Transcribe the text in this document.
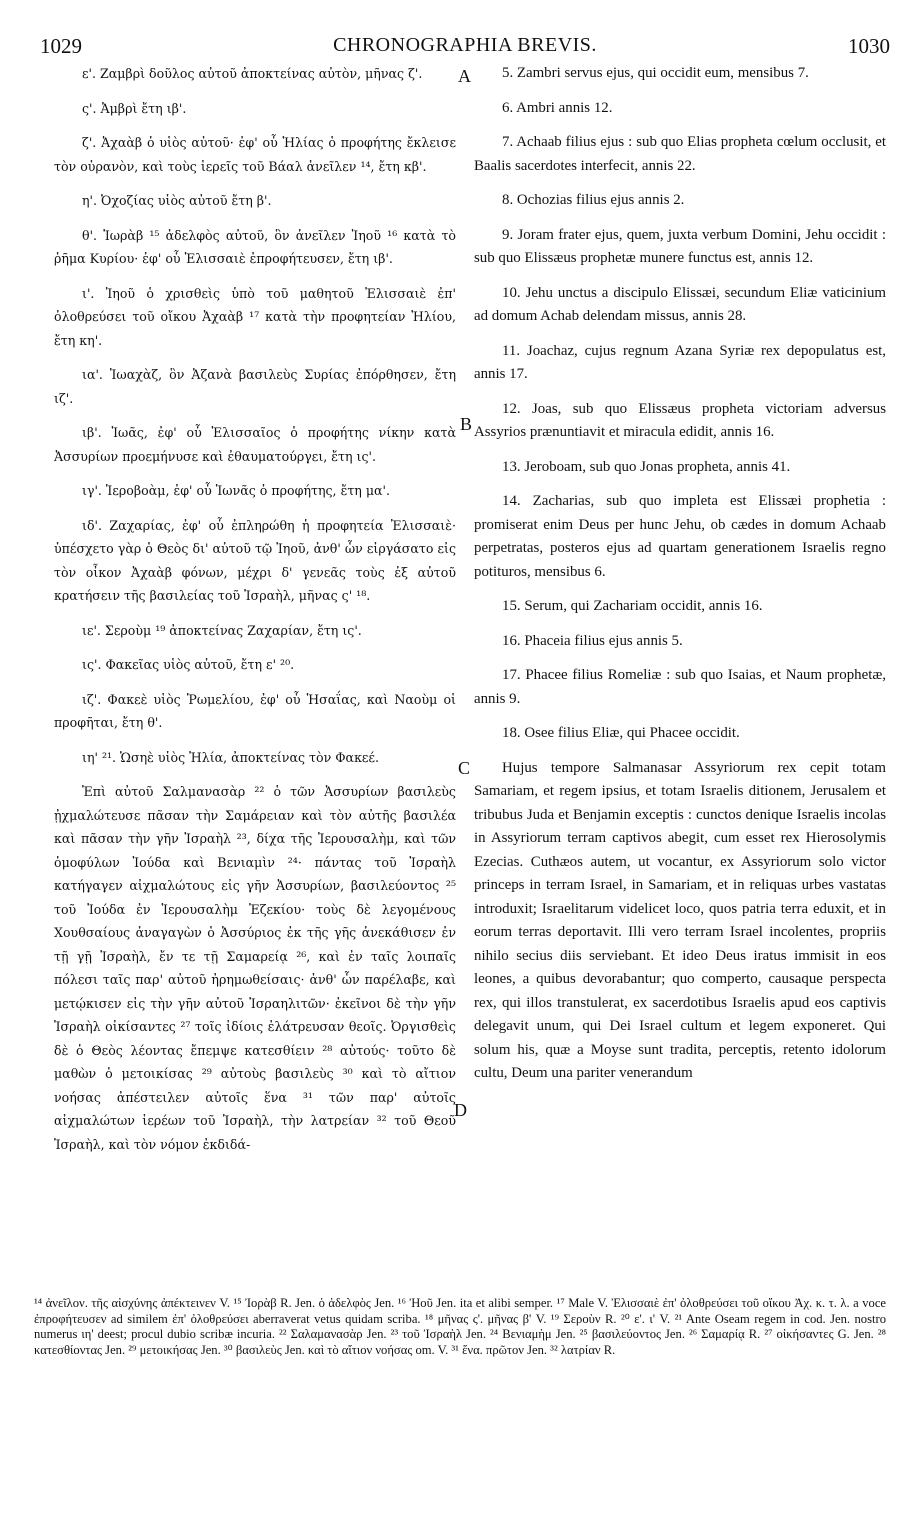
1029	CHRONOGRAPHIA BREVIS.	1030
A
B
C
D

ε'. Ζαμβρὶ δοῦλος αὐτοῦ ἀποκτείνας αὐτὸν, μῆνας ζ'.

ς'. Ἀμβρὶ ἔτη ιβ'.

ζ'. Ἀχαὰβ ὁ υἱὸς αὐτοῦ· ἐφ' οὗ Ἡλίας ὁ προφήτης ἔκλεισε τὸν οὐρανὸν, καὶ τοὺς ἱερεῖς τοῦ Βάαλ ἀνεῖλεν ¹⁴, ἔτη κβ'.

η'. Ὀχοζίας υἱὸς αὐτοῦ ἔτη β'.

θ'. Ἰωρὰβ ¹⁵ ἀδελφὸς αὐτοῦ, ὃν ἀνεῖλεν Ἰηοῦ ¹⁶ κατὰ τὸ ῥῆμα Κυρίου· ἐφ' οὗ Ἐλισσαιὲ ἐπροφήτευσεν, ἔτη ιβ'.

ι'. Ἰηοῦ ὁ χρισθεὶς ὑπὸ τοῦ μαθητοῦ Ἐλισσαιὲ ἐπ' ὀλοθρεύσει τοῦ οἴκου Ἀχαὰβ ¹⁷ κατὰ τὴν προφητείαν Ἡλίου, ἔτη κη'.

ια'. Ἰωαχὰζ, ὃν Ἀζανὰ βασιλεὺς Συρίας ἐπόρθησεν, ἔτη ιζ'.

ιβ'. Ἰωᾶς, ἐφ' οὗ Ἐλισσαῖος ὁ προφήτης νίκην κατὰ Ἀσσυρίων προεμήνυσε καὶ ἐθαυματούργει, ἔτη ις'.

ιγ'. Ἱεροβοὰμ, ἐφ' οὗ Ἰωνᾶς ὁ προφήτης, ἔτη μα'.

ιδ'. Ζαχαρίας, ἐφ' οὗ ἐπληρώθη ἡ προφητεία Ἐλισσαιὲ· ὑπέσχετο γὰρ ὁ Θεὸς δι' αὐτοῦ τῷ Ἰηοῦ, ἀνθ' ὧν εἰργάσατο εἰς τὸν οἶκον Ἀχαὰβ φόνων, μέχρι δ' γενεᾶς τοὺς ἐξ αὐτοῦ κρατήσειν τῆς βασιλείας τοῦ Ἰσραὴλ, μῆνας ς' ¹⁸.

ιε'. Σεροὺμ ¹⁹ ἀποκτείνας Ζαχαρίαν, ἔτη ις'.

ις'. Φακεῖας υἱὸς αὐτοῦ, ἔτη ε' ²⁰.

ιζ'. Φακεὲ υἱὸς Ῥωμελίου, ἐφ' οὗ Ἡσαΐας, καὶ Ναοὺμ οἱ προφῆται, ἔτη θ'.

ιη' ²¹. Ὡσηὲ υἱὸς Ἠλία, ἀποκτείνας τὸν Φακεέ.

Ἐπὶ αὐτοῦ Σαλμανασὰρ ²² ὁ τῶν Ἀσσυρίων βασιλεὺς ᾐχμαλώτευσε πᾶσαν τὴν Σαμάρειαν καὶ τὸν αὐτῆς βασιλέα καὶ πᾶσαν τὴν γῆν Ἰσραὴλ ²³, δίχα τῆς Ἱερουσαλὴμ, καὶ τῶν ὁμοφύλων Ἰούδα καὶ Βενιαμὶν ²⁴· πάντας τοῦ Ἰσραὴλ κατήγαγεν αἰχμαλώτους εἰς γῆν Ἀσσυρίων, βασιλεύοντος ²⁵ τοῦ Ἰούδα ἐν Ἱερουσαλὴμ Ἐζεκίου· τοὺς δὲ λεγομένους Χουθσαίους ἀναγαγὼν ὁ Ἀσσύριος ἐκ τῆς γῆς ἀνεκάθισεν ἐν τῇ γῇ Ἰσραὴλ, ἔν τε τῇ Σαμαρείᾳ ²⁶, καὶ ἐν ταῖς λοιπαῖς πόλεσι ταῖς παρ' αὐτοῦ ἠρημωθείσαις· ἀνθ' ὧν παρέλαβε, καὶ μετῴκισεν εἰς τὴν γῆν αὐτοῦ Ἰσραηλιτῶν· ἐκεῖνοι δὲ τὴν γῆν Ἰσραὴλ οἰκίσαντες ²⁷ τοῖς ἰδίοις ἐλάτρευσαν θεοῖς. Ὀργισθεὶς δὲ ὁ Θεὸς λέοντας ἔπεμψε κατεσθίειν ²⁸ αὐτούς· τοῦτο δὲ μαθὼν ὁ μετοικίσας ²⁹ αὐτοὺς βασιλεὺς ³⁰ καὶ τὸ αἴτιον νοήσας ἀπέστειλεν αὐτοῖς ἕνα ³¹ τῶν παρ' αὐτοῖς αἰχμαλώτων ἱερέων τοῦ Ἰσραὴλ, τὴν λατρείαν ³² τοῦ Θεοῦ Ἰσραὴλ, καὶ τὸν νόμον ἐκδιδά-

5. Zambri servus ejus, qui occidit eum, mensibus 7.

6. Ambri annis 12.

7. Achaab filius ejus : sub quo Elias propheta cœlum occlusit, et Baalis sacerdotes interfecit, annis 22.

8. Ochozias filius ejus annis 2.

9. Joram frater ejus, quem, juxta verbum Domini, Jehu occidit : sub quo Elissæus prophetæ munere functus est, annis 12.

10. Jehu unctus a discipulo Elissæi, secundum Eliæ vaticinium ad domum Achab delendam missus, annis 28.

11. Joachaz, cujus regnum Azana Syriæ rex depopulatus est, annis 17.

12. Joas, sub quo Elissæus propheta victoriam adversus Assyrios prænuntiavit et miracula edidit, annis 16.

13. Jeroboam, sub quo Jonas propheta, annis 41.

14. Zacharias, sub quo impleta est Elissæi prophetia : promiserat enim Deus per hunc Jehu, ob cædes in domum Achaab perpetratas, posteros ejus ad quartam generationem Israelis regno potituros, mensibus 6.

15. Serum, qui Zachariam occidit, annis 16.

16. Phaceia filius ejus annis 5.

17. Phacee filius Romeliæ : sub quo Isaias, et Naum prophetæ, annis 9.

18. Osee filius Eliæ, qui Phacee occidit.

Hujus tempore Salmanasar Assyriorum rex cepit totam Samariam, et regem ipsius, et totam Israelis ditionem, Jerusalem et tribubus Juda et Benjamin exceptis : cunctos denique Israelis incolas in Assyriorum terram captivos abegit, cum esset rex Hierosolymis Ezecias. Cuthæos autem, ut vocantur, ex Assyriorum solo victor princeps in terram Israel, in Samariam, et in reliquas urbes vastatas introduxit; Israelitarum videlicet loco, quos patria terra eduxit, et in eorum terras deportavit. Illi vero terram Israel incolentes, propriis nihilo secius diis serviebant. Et ideo Deus iratus immisit in eos leones, a quibus devorabantur; quo comperto, causaque perspecta rex, qui illos transtulerat, ex sacerdotibus Israelis apud eos captivis delegavit unum, qui Dei Israel cultum et legem exponeret. Qui solum his, quæ a Moyse sunt tradita, perceptis, retento idolorum cultu, Deum una pariter venerandum

¹⁴ ἀνεῖλον. τῆς αἰσχύνης ἀπέκτεινεν V. ¹⁵ Ἰορὰβ R. Jen. ὁ ἀδελφὸς Jen. ¹⁶ Ἠοῦ Jen. ita et alibi semper. ¹⁷ Male V. Ἐλισσαιὲ ἐπ' ὀλοθρεύσει τοῦ οἴκου Ἀχ. κ. τ. λ. a voce ἐπροφήτευσεν ad similem ἐπ' ὀλοθρεύσει aberraverat vetus quidam scriba. ¹⁸ μῆνας ς'. μῆνας β' V. ¹⁹ Σεροὺν R. ²⁰ ε'. ι' V. ²¹ Ante Oseam regem in cod. Jen. nostro numerus ιη' deest; procul dubio scribæ incuria. ²² Σαλαμανασὰρ Jen. ²³ τοῦ Ἰσραὴλ Jen. ²⁴ Βενιαμὴμ Jen. ²⁵ βασιλεύοντος Jen. ²⁶ Σαμαρίᾳ R. ²⁷ οἰκήσαντες G. Jen. ²⁸ κατεσθίοντας Jen. ²⁹ μετοικήσας Jen. ³⁰ βασιλεὺς Jen. καὶ τὸ αἴτιον νοήσας om. V. ³¹ ἕνα. πρῶτον Jen. ³² λατρίαν R.
